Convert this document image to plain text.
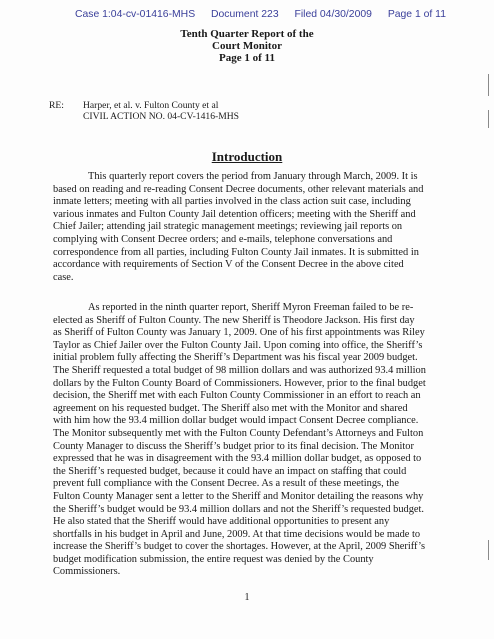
Case 1:04-cv-01416-MHS Document 223 Filed 04/30/2009 Page 1 of 11
Tenth Quarter Report of the
Court Monitor
Page 1 of 11
RE: Harper, et al. v. Fulton County et al
CIVIL ACTION NO. 04-CV-1416-MHS
Introduction
This quarterly report covers the period from January through March, 2009. It is
based on reading and re-reading Consent Decree documents, other relevant materials and
inmate letters; meeting with all parties involved in the class action suit case, including
various inmates and Fulton County Jail detention officers; meeting with the Sheriff and
Chief Jailer; attending jail strategic management meetings; reviewing jail reports on
complying with Consent Decree orders; and e-mails, telephone conversations and
correspondence from all parties, including Fulton County Jail inmates. It is submitted in
accordance with requirements of Section V of the Consent Decree in the above cited
case.
As reported in the ninth quarter report, Sheriff Myron Freeman failed to be re-
elected as Sheriff of Fulton County. The new Sheriff is Theodore Jackson. His first day
as Sheriff of Fulton County was January 1, 2009. One of his first appointments was Riley
Taylor as Chief Jailer over the Fulton County Jail. Upon coming into office, the Sheriff’s
initial problem fully affecting the Sheriff’s Department was his fiscal year 2009 budget.
The Sheriff requested a total budget of 98 million dollars and was authorized 93.4 million
dollars by the Fulton County Board of Commissioners. However, prior to the final budget
decision, the Sheriff met with each Fulton County Commissioner in an effort to reach an
agreement on his requested budget. The Sheriff also met with the Monitor and shared
with him how the 93.4 million dollar budget would impact Consent Decree compliance.
The Monitor subsequently met with the Fulton County Defendant’s Attorneys and Fulton
County Manager to discuss the Sheriff’s budget prior to its final decision. The Monitor
expressed that he was in disagreement with the 93.4 million dollar budget, as opposed to
the Sheriff’s requested budget, because it could have an impact on staffing that could
prevent full compliance with the Consent Decree. As a result of these meetings, the
Fulton County Manager sent a letter to the Sheriff and Monitor detailing the reasons why
the Sheriff’s budget would be 93.4 million dollars and not the Sheriff’s requested budget.
He also stated that the Sheriff would have additional opportunities to present any
shortfalls in his budget in April and June, 2009. At that time decisions would be made to
increase the Sheriff’s budget to cover the shortages. However, at the April, 2009 Sheriff’s
budget modification submission, the entire request was denied by the County
Commissioners.
1
